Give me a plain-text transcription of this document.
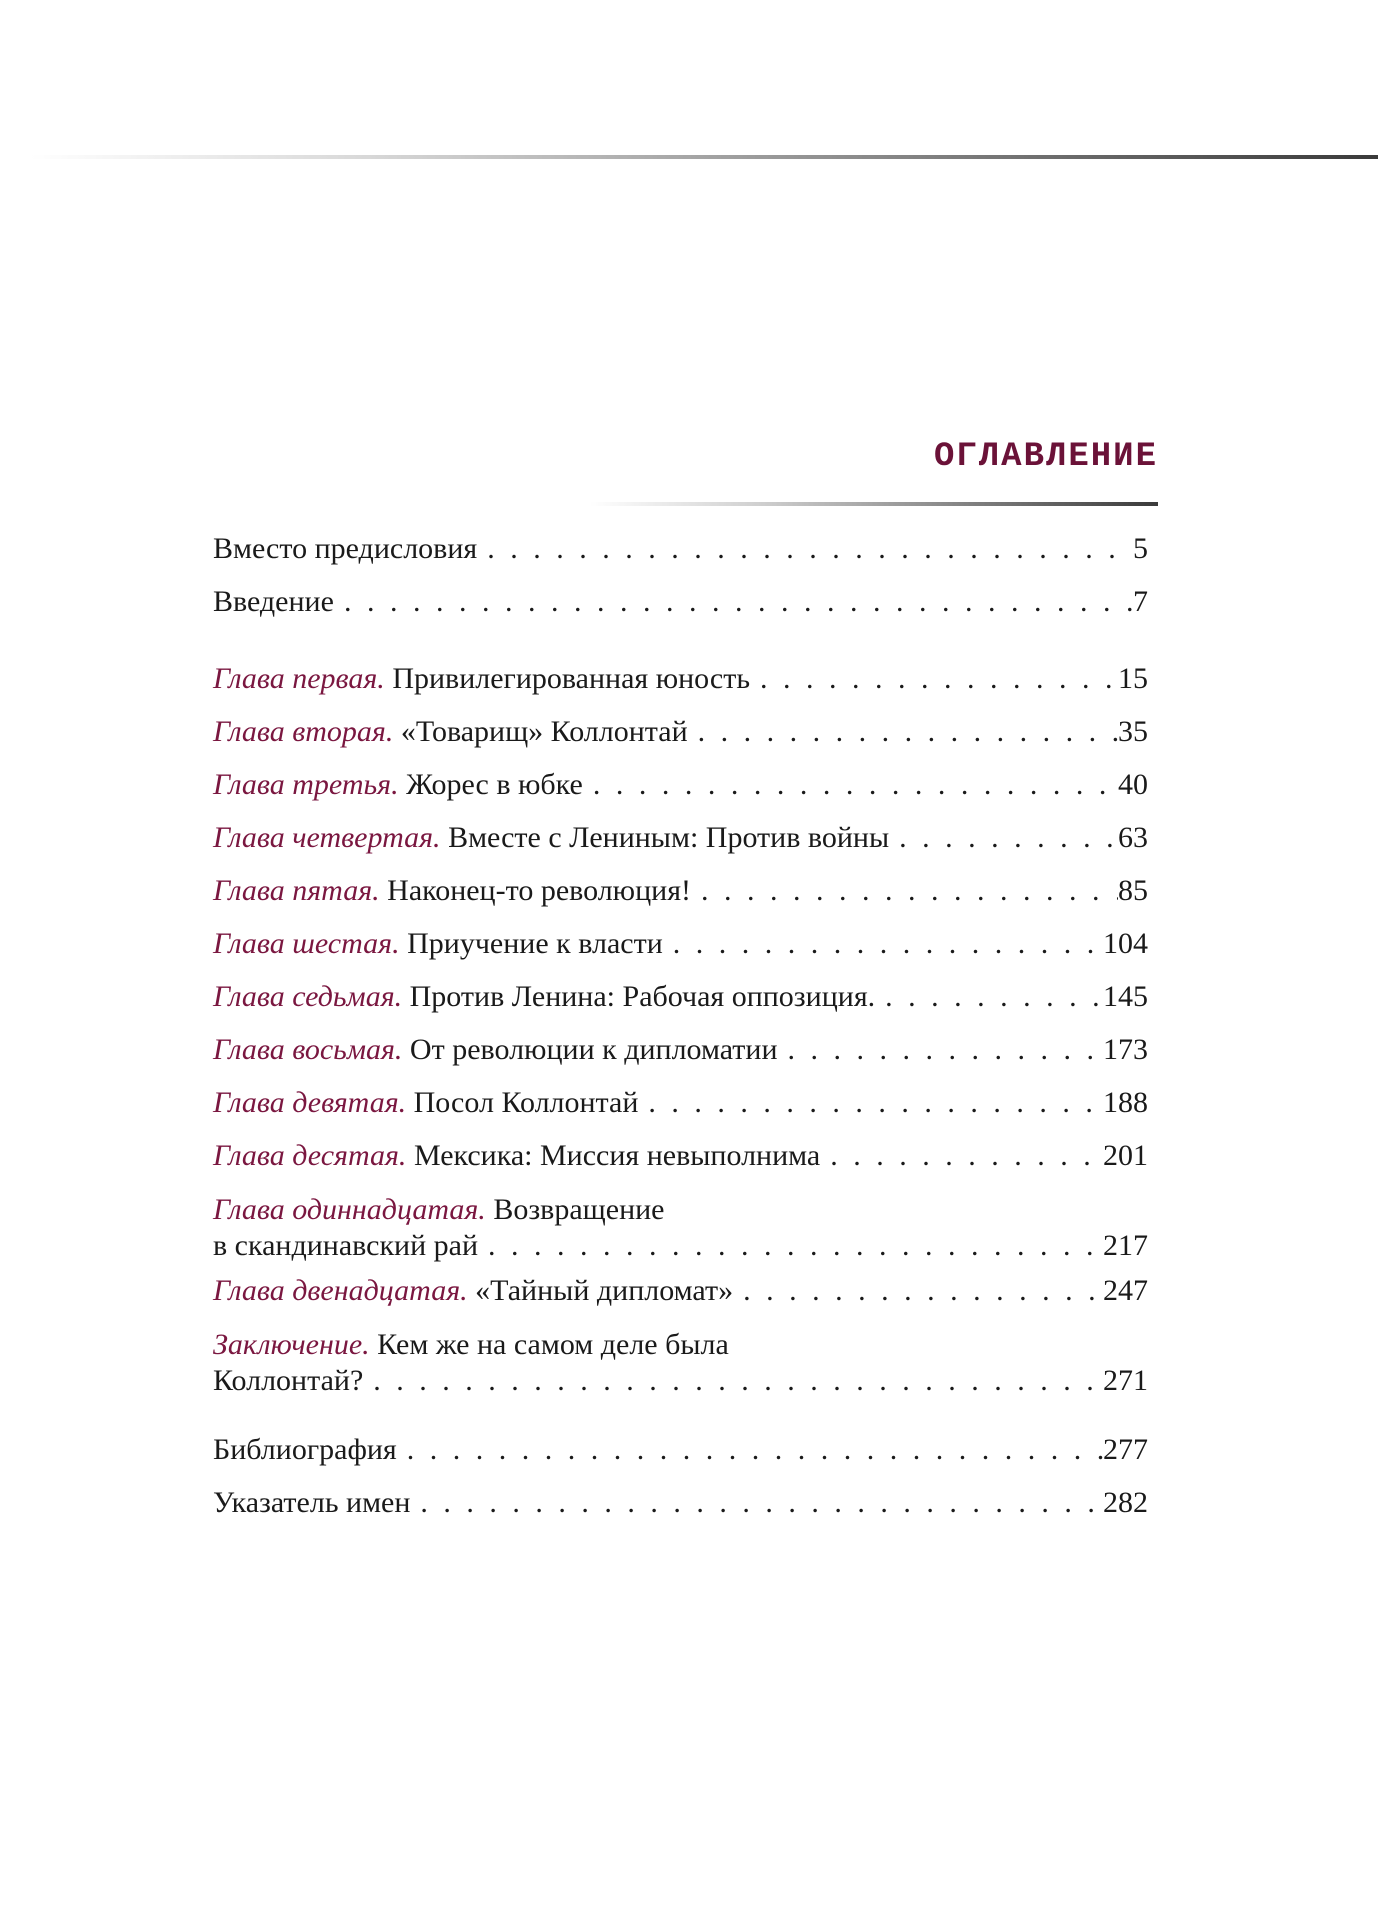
ОГЛАВЛЕНИЕ
Вместо предисловия . . .	5
Введение . . .	7
Глава первая.
Привилегированная юность . . .	15
Глава вторая.
«Товарищ» Коллонтай . . .	35
Глава третья.
Жорес в юбке . . .	40
Глава четвертая.
Вместе с Лениным: Против войны . . .	63
Глава пятая.
Наконец-то революция! . . .	85
Глава шестая.
Приучение к власти . . .	104
Глава седьмая.
Против Ленина: Рабочая оппозиция. . . .	145
Глава восьмая.
От революции к дипломатии . . .	173
Глава девятая.
Посол Коллонтай . . .	188
Глава десятая.
Мексика: Миссия невыполнима . . .	201
Глава одиннадцатая. Возвращение
в скандинавский рай . . .	217
Глава двенадцатая.
«Тайный дипломат» . . .	247
Заключение. Кем же на самом деле была
Коллонтай? . . .	271
Библиография . . .	277
Указатель имен . . .	282
